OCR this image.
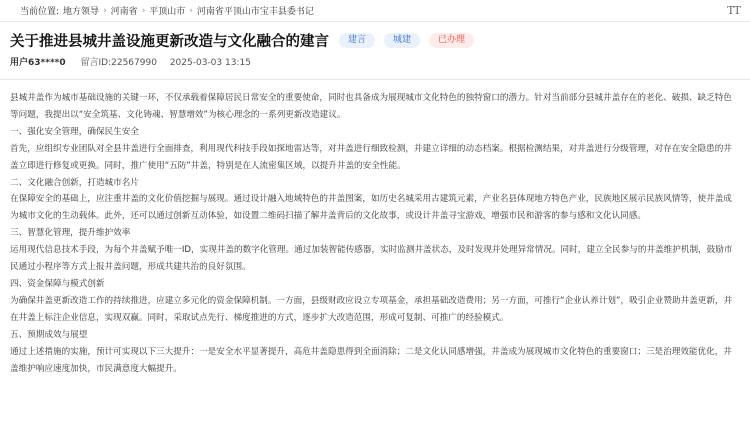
当前位置: 地方领导 › 河南省 › 平顶山市 › 河南省平顶山市宝丰县委书记	TT
关于推进县城井盖设施更新改造与文化融合的建言	建言	城建	已办理
用户63****0 留言ID:22567990 2025-03-03 13:15

县城井盖作为城市基础设施的关键一环，不仅承载着保障居民日常安全的重要使命，同时也具备成为展现城市文化特色的独特窗口的潜力。针对当前部分县城井盖存在的老化、破损、缺乏特色等问题，我提出以“安全筑基、文化铸魂、智慧增效”为核心理念的一系列更新改造建议。

一、强化安全管理，确保民生安全

首先，应组织专业团队对全县井盖进行全面排查，利用现代科技手段如探地雷达等，对井盖进行细致检测，并建立详细的动态档案。根据检测结果，对井盖进行分级管理，对存在安全隐患的井盖立即进行修复或更换。同时，推广使用“五防”井盖，特别是在人流密集区域，以提升井盖的安全性能。

二、文化融合创新，打造城市名片

在保障安全的基础上，应注重井盖的文化价值挖掘与展现。通过设计融入地域特色的井盖图案，如历史名城采用古建筑元素，产业名县体现地方特色产业，民族地区展示民族风情等，使井盖成为城市文化的生动载体。此外，还可以通过创新互动体验，如设置二维码扫描了解井盖背后的文化故事，或设计井盖寻宝游戏，增强市民和游客的参与感和文化认同感。

三、智慧化管理，提升维护效率

运用现代信息技术手段，为每个井盖赋予唯一ID，实现井盖的数字化管理。通过加装智能传感器，实时监测井盖状态，及时发现并处理异常情况。同时，建立全民参与的井盖维护机制，鼓励市民通过小程序等方式上报井盖问题，形成共建共治的良好氛围。

四、资金保障与模式创新

为确保井盖更新改造工作的持续推进，应建立多元化的资金保障机制。一方面，县级财政应设立专项基金，承担基础改造费用；另一方面，可推行“企业认养计划”，吸引企业赞助井盖更新，并在井盖上标注企业信息，实现双赢。同时，采取试点先行、梯度推进的方式，逐步扩大改造范围，形成可复制、可推广的经验模式。

五、预期成效与展望

通过上述措施的实施，预计可实现以下三大提升：一是安全水平显著提升，高危井盖隐患得到全面消除；二是文化认同感增强，井盖成为展现城市文化特色的重要窗口；三是治理效能优化，井盖维护响应速度加快，市民满意度大幅提升。
